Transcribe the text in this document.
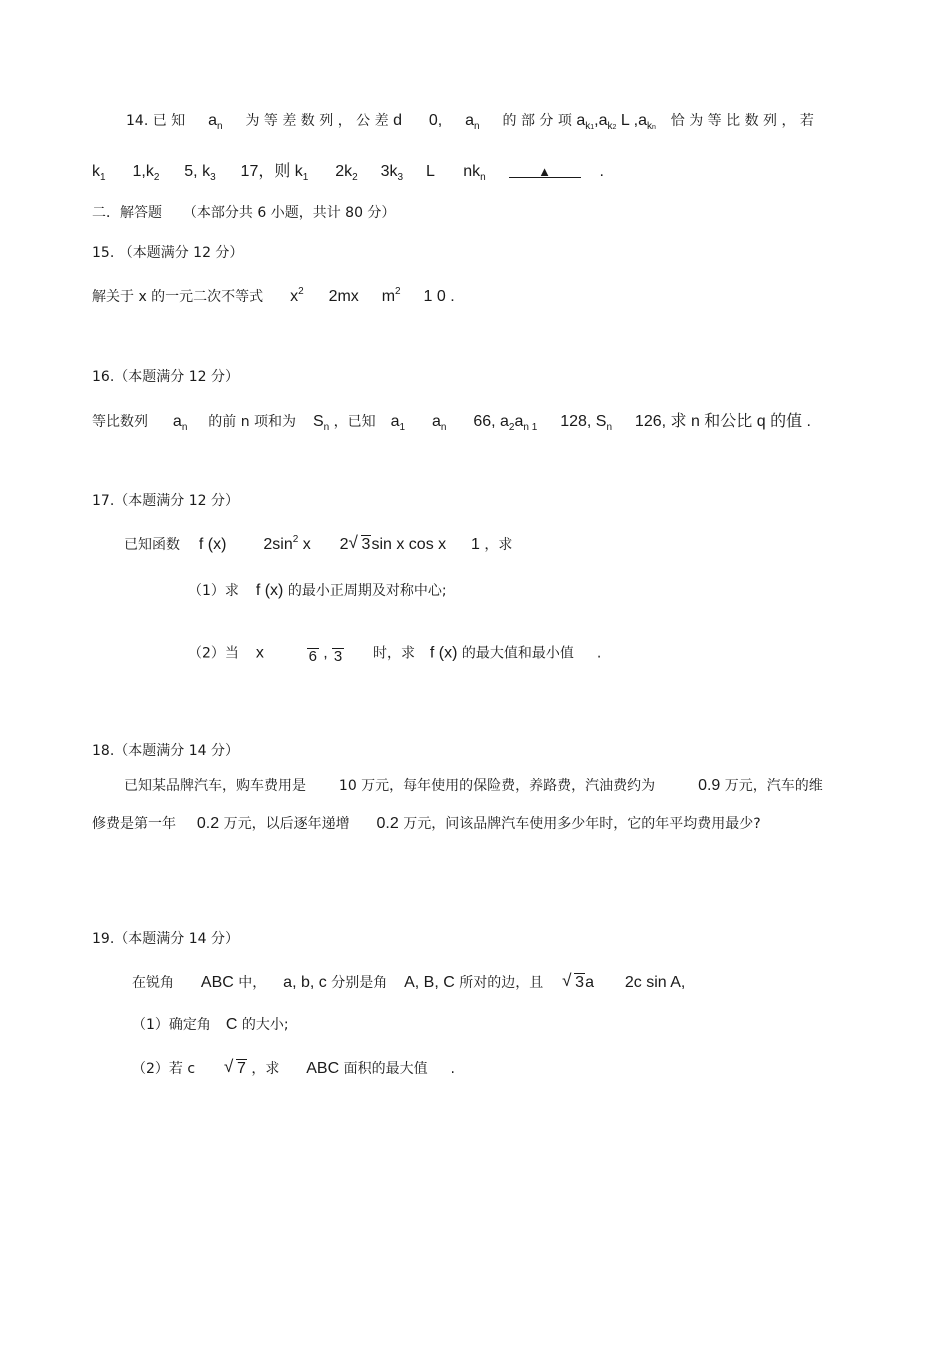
14. 已 知 $a_n$ 为 等 差 数 列 ， 公 差 d 0, $a_n$ 的 部 分 项 $a_{k1},a_{k2}$ L $,a_{kn}$ 恰 为 等 比 数 列 ， 若
$k_1$ $1,k_2$ 5, $k_3$ 17，则 $k_1$ $2k_2$ $3k_3$ L $nk_n$	▲	.
二．解答题 （本部分共 6 小题，共计 80 分）
15. （本题满分 12 分）
解关于 x 的一元二次不等式 $x^2$ 2mx $m^2$ 1 0 .
16.（本题满分 12 分）
等比数列 $a_n$ 的前 n 项和为 $S_n$ ，已知 $a_1$ $a_n$ 66, $a_2a_{n 1}$ 128, $S_n$ 126, 求 n 和公比 q 的值 .
17.（本题满分 12 分）
已知函数 f (x) $2\sin^2$ x 2 √ 3sin x cos x 1 ，求
（1）求 f (x) 的最小正周期及对称中心;
（2）当 x	6 , 3 时，求 f (x) 的最大值和最小值 .
18.（本题满分 14 分）
已知某品牌汽车，购车费用是 10 万元，每年使用的保险费，养路费，汽油费约为	0.9 万元，汽车的维
修费是第一年 0.2 万元，以后逐年递增 0.2 万元，问该品牌汽车使用多少年时，它的年平均费用最少?
19.（本题满分 14 分）
在锐角 ABC 中， a, b, c 分别是角 A, B, C 所对的边，且 √ 3a 2c sin A,
（1）确定角 C 的大小;
（2）若 c	√ 7 ，求 ABC 面积的最大值 .
